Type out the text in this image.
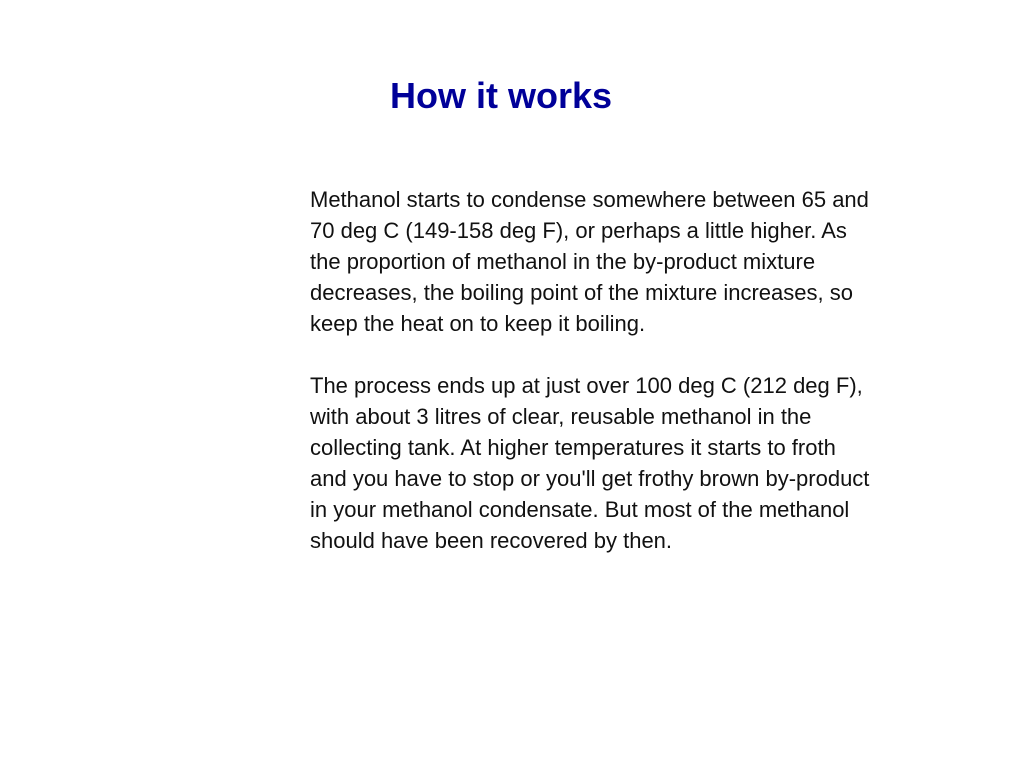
How it works

Methanol starts to condense somewhere between 65 and
70 deg C (149-158 deg F), or perhaps a little higher. As
the proportion of methanol in the by-product mixture
decreases, the boiling point of the mixture increases, so
keep the heat on to keep it boiling.

The process ends up at just over 100 deg C (212 deg F),
with about 3 litres of clear, reusable methanol in the
collecting tank. At higher temperatures it starts to froth
and you have to stop or you'll get frothy brown by-product
in your methanol condensate. But most of the methanol
should have been recovered by then.
